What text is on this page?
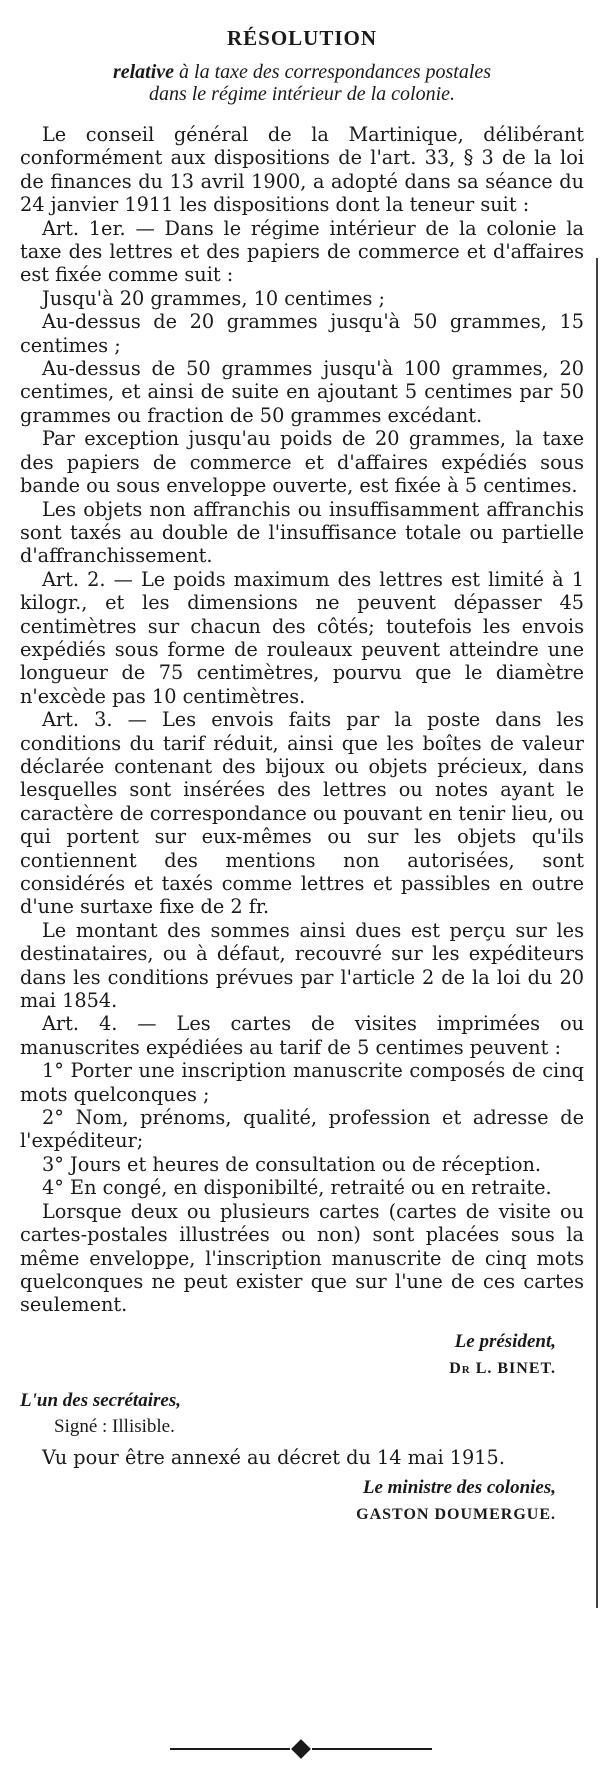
RÉSOLUTION
relative à la taxe des correspondances postales
dans le régime intérieur de la colonie.

Le conseil général de la Martinique, délibérant conformément aux dispositions de l'art. 33, § 3 de la loi de finances du 13 avril 1900, a adopté dans sa séance du 24 janvier 1911 les dispositions dont la teneur suit :

Art. 1er. — Dans le régime intérieur de la colonie la taxe des lettres et des papiers de commerce et d'affaires est fixée comme suit :

Jusqu'à 20 grammes, 10 centimes ;

Au-dessus de 20 grammes jusqu'à 50 grammes, 15 centimes ;

Au-dessus de 50 grammes jusqu'à 100 grammes, 20 centimes, et ainsi de suite en ajoutant 5 centimes par 50 grammes ou fraction de 50 grammes excédant.

Par exception jusqu'au poids de 20 grammes, la taxe des papiers de commerce et d'affaires expédiés sous bande ou sous enveloppe ouverte, est fixée à 5 centimes.

Les objets non affranchis ou insuffisamment affranchis sont taxés au double de l'insuffisance totale ou partielle d'affranchissement.

Art. 2. — Le poids maximum des lettres est limité à 1 kilogr., et les dimensions ne peuvent dépasser 45 centimètres sur chacun des côtés; toutefois les envois expédiés sous forme de rouleaux peuvent atteindre une longueur de 75 centimètres, pourvu que le diamètre n'excède pas 10 centimètres.

Art. 3. — Les envois faits par la poste dans les conditions du tarif réduit, ainsi que les boîtes de valeur déclarée contenant des bijoux ou objets précieux, dans lesquelles sont insérées des lettres ou notes ayant le caractère de correspondance ou pouvant en tenir lieu, ou qui portent sur eux-mêmes ou sur les objets qu'ils contiennent des mentions non autorisées, sont considérés et taxés comme lettres et passibles en outre d'une surtaxe fixe de 2 fr.

Le montant des sommes ainsi dues est perçu sur les destinataires, ou à défaut, recouvré sur les expéditeurs dans les conditions prévues par l'article 2 de la loi du 20 mai 1854.

Art. 4. — Les cartes de visites imprimées ou manuscrites expédiées au tarif de 5 centimes peuvent :

1° Porter une inscription manuscrite composés de cinq mots quelconques ;

2° Nom, prénoms, qualité, profession et adresse de l'expéditeur;

3° Jours et heures de consultation ou de réception.

4° En congé, en disponibilté, retraité ou en retraite.

Lorsque deux ou plusieurs cartes (cartes de visite ou cartes-postales illustrées ou non) sont placées sous la même enveloppe, l'inscription manuscrite de cinq mots quelconques ne peut exister que sur l'une de ces cartes seulement.

Le président,
Dr L. BINET.
L'un des secrétaires,
Signé : Illisible.

Vu pour être annexé au décret du 14 mai 1915.

Le ministre des colonies,
GASTON DOUMERGUE.
